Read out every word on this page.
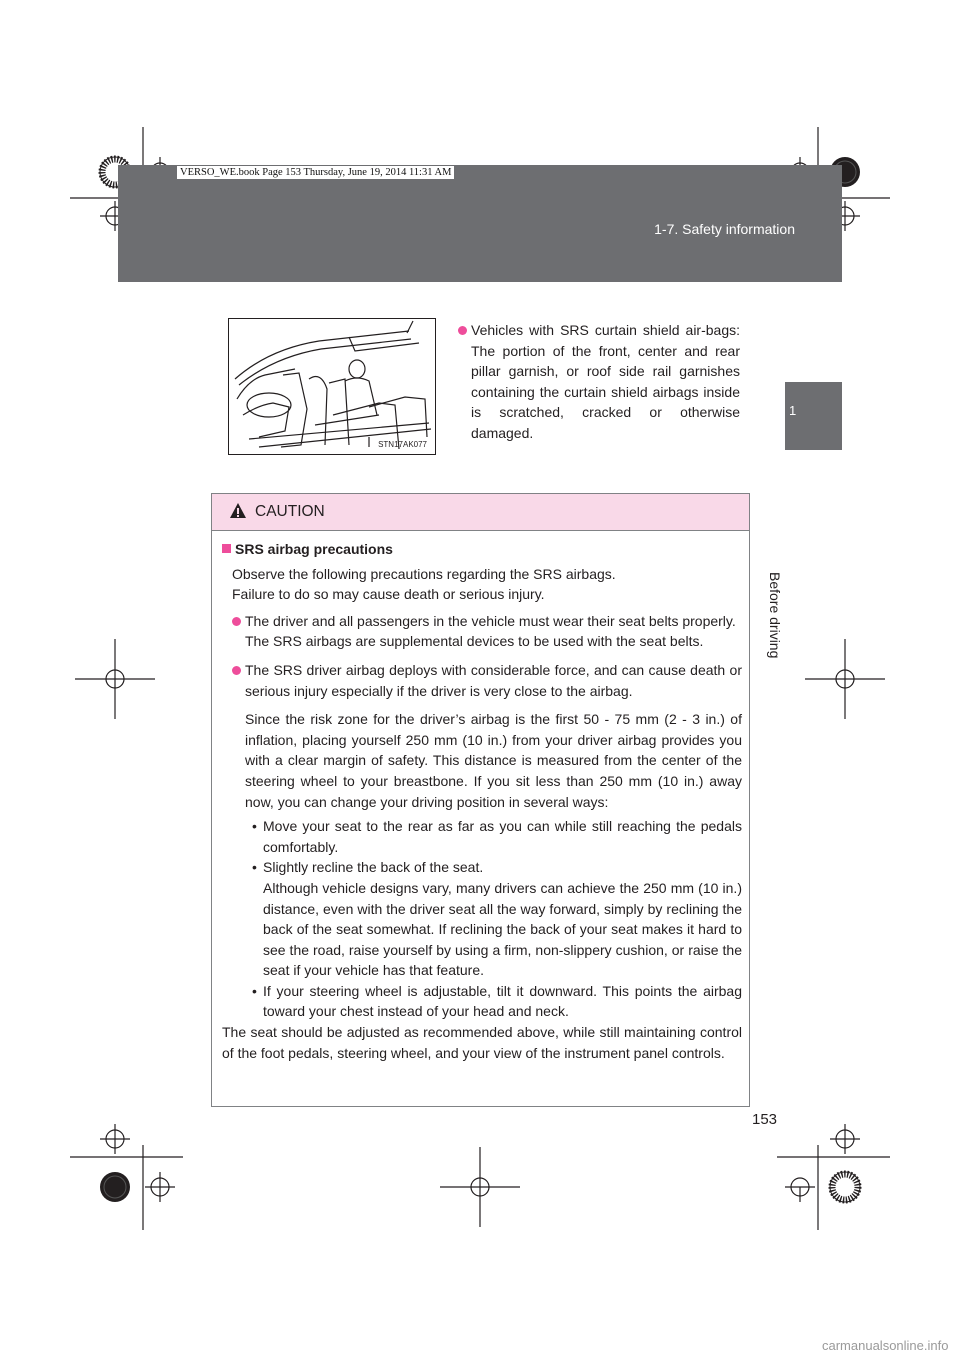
VERSO_WE.book Page 153 Thursday, June 19, 2014 11:31 AM
1-7. Safety information
1
Before driving
STN17AK077
Vehicles with SRS curtain shield air-bags: The portion of the front, center and rear pillar garnish, or roof side rail garnishes containing the curtain shield airbags inside is scratched, cracked or otherwise damaged.
CAUTION
SRS airbag precautions
Observe the following precautions regarding the SRS airbags.
Failure to do so may cause death or serious injury.
The driver and all passengers in the vehicle must wear their seat belts properly.
The SRS airbags are supplemental devices to be used with the seat belts.
The SRS driver airbag deploys with considerable force, and can cause death or serious injury especially if the driver is very close to the airbag.
Since the risk zone for the driver’s airbag is the first 50 - 75 mm (2 - 3 in.) of inflation, placing yourself 250 mm (10 in.) from your driver airbag provides you with a clear margin of safety. This distance is measured from the center of the steering wheel to your breastbone. If you sit less than 250 mm (10 in.) away now, you can change your driving position in several ways:
• Move your seat to the rear as far as you can while still reaching the pedals comfortably.
• Slightly recline the back of the seat.
Although vehicle designs vary, many drivers can achieve the 250 mm (10 in.) distance, even with the driver seat all the way forward, simply by reclining the back of the seat somewhat. If reclining the back of your seat makes it hard to see the road, raise yourself by using a firm, non-slippery cushion, or raise the seat if your vehicle has that feature.
• If your steering wheel is adjustable, tilt it downward. This points the airbag toward your chest instead of your head and neck.
The seat should be adjusted as recommended above, while still maintaining control of the foot pedals, steering wheel, and your view of the instrument panel controls.
153
carmanualsonline.info
